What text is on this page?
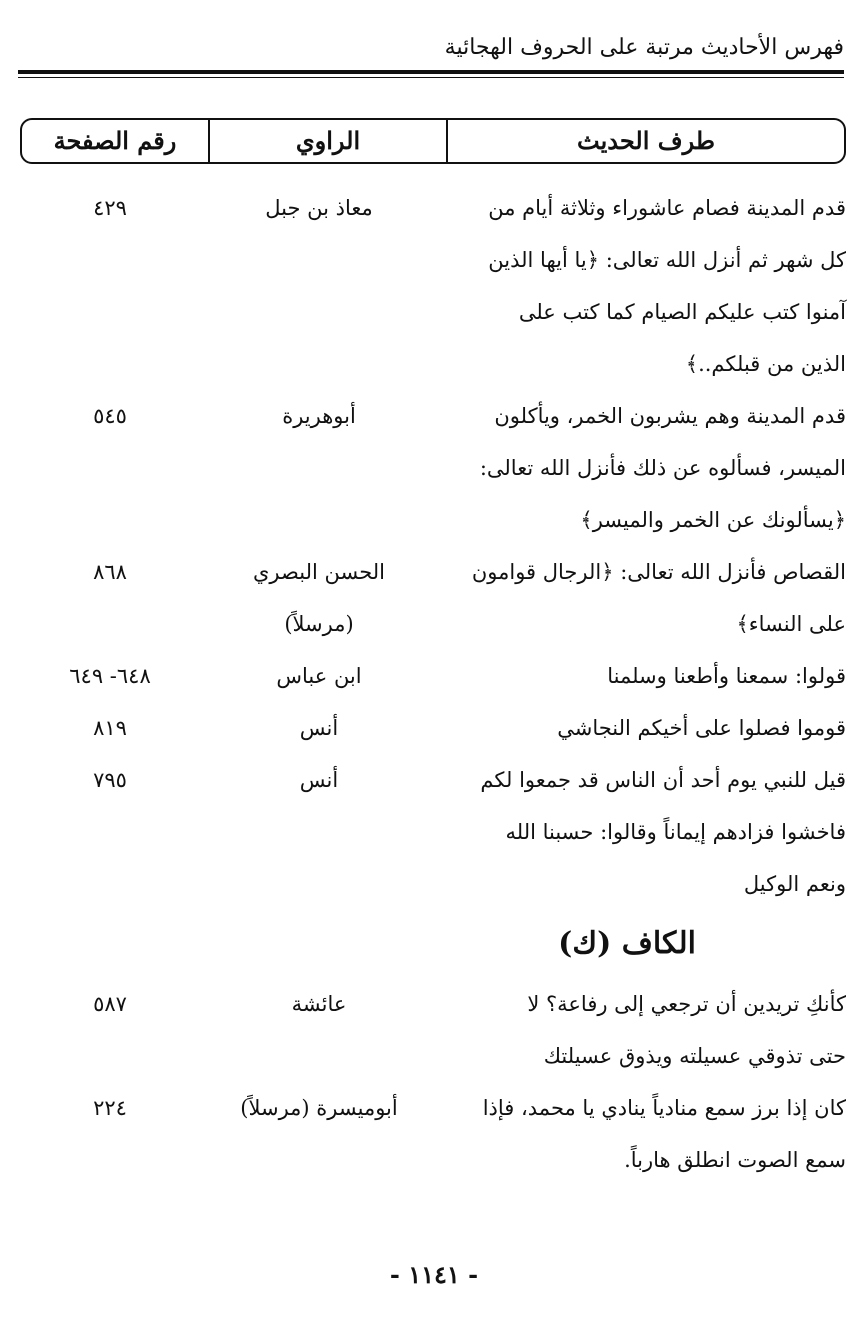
فهرس الأحاديث مرتبة على الحروف الهجائية
طرف الحديث
الراوي
رقم الصفحة
قدم المدينة فصام عاشوراء وثلاثة أيام من
كل شهر ثم أنزل الله تعالى: ﴿يا أيها الذين
آمنوا كتب عليكم الصيام كما كتب على
الذين من قبلكم..﴾
معاذ بن جبل
٤٢٩
قدم المدينة وهم يشربون الخمر، ويأكلون
الميسر، فسألوه عن ذلك فأنزل الله تعالى:
﴿يسألونك عن الخمر والميسر﴾
أبوهريرة
٥٤٥
القصاص فأنزل الله تعالى: ﴿الرجال قوامون
على النساء﴾
الحسن البصري
(مرسلاً)
٨٦٨
قولوا: سمعنا وأطعنا وسلمنا
ابن عباس
٦٤٨- ٦٤٩
قوموا فصلوا على أخيكم النجاشي
أنس
٨١٩
قيل للنبي يوم أحد أن الناس قد جمعوا لكم
فاخشوا فزادهم إيماناً وقالوا: حسبنا الله
ونعم الوكيل
أنس
٧٩٥
الكاف (ك)
كأنكِ تريدين أن ترجعي إلى رفاعة؟ لا
حتى تذوقي عسيلته ويذوق عسيلتك
عائشة
٥٨٧
كان إذا برز سمع منادياً ينادي يا محمد، فإذا
سمع الصوت انطلق هارباً.
أبوميسرة (مرسلاً)
٢٢٤
- ١١٤١ -
